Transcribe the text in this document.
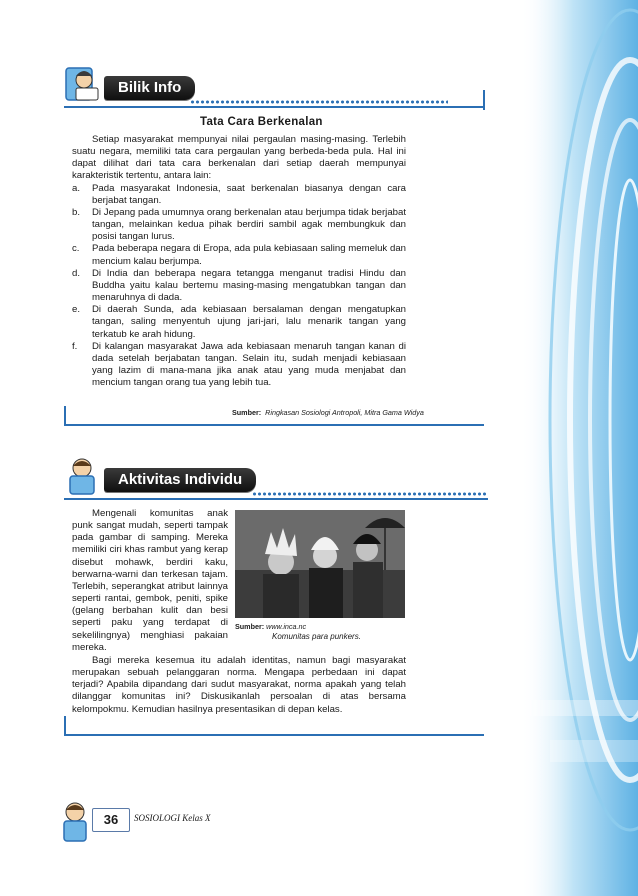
Bilik Info
Tata Cara Berkenalan

Setiap masyarakat mempunyai nilai pergaulan masing-masing. Terlebih suatu negara, memiliki tata cara pergaulan yang berbeda-beda pula. Hal ini dapat dilihat dari tata cara berkenalan dari setiap daerah mempunyai karakteristik tertentu, antara lain:

a. Pada masyarakat Indonesia, saat berkenalan biasanya dengan cara berjabat tangan.
b. Di Jepang pada umumnya orang berkenalan atau berjumpa tidak berjabat tangan, melainkan kedua pihak berdiri sambil agak membungkuk dan posisi tangan lurus.
c. Pada beberapa negara di Eropa, ada pula kebiasaan saling memeluk dan mencium kalau berjumpa.
d. Di India dan beberapa negara tetangga menganut tradisi Hindu dan Buddha yaitu kalau bertemu masing-masing mengatubkan tangan dan menaruhnya di dada.
e. Di daerah Sunda, ada kebiasaan bersalaman dengan mengatupkan tangan, saling menyentuh ujung jari-jari, lalu menarik tangan yang terkatub ke arah hidung.
f. Di kalangan masyarakat Jawa ada kebiasaan menaruh tangan kanan di dada setelah berjabatan tangan. Selain itu, sudah menjadi kebiasaan yang lazim di mana-mana jika anak atau yang muda menjabat dan mencium tangan orang tua yang lebih tua.
Sumber: Ringkasan Sosiologi Antropoli, Mitra Gama Widya
Aktivitas Individu

Mengenali komunitas anak punk sangat mudah, seperti tampak pada gambar di samping. Mereka memiliki ciri khas rambut yang kerap disebut mohawk, berdiri kaku, berwarna-warni dan terkesan tajam. Terlebih, seperangkat atribut lainnya seperti rantai, gembok, peniti, spike (gelang berbahan kulit dan besi seperti paku yang terdapat di sekelilingnya) menghiasi pakaian mereka.

Sumber: www.inca.nc
Komunitas para punkers.

Bagi mereka kesemua itu adalah identitas, namun bagi masyarakat merupakan sebuah pelanggaran norma. Mengapa perbedaan ini dapat terjadi? Apabila dipandang dari sudut masyarakat, norma apakah yang telah dilanggar komunitas ini? Diskusikanlah persoalan di atas bersama kelompokmu. Kemudian hasilnya presentasikan di depan kelas.

36	SOSIOLOGI Kelas X
